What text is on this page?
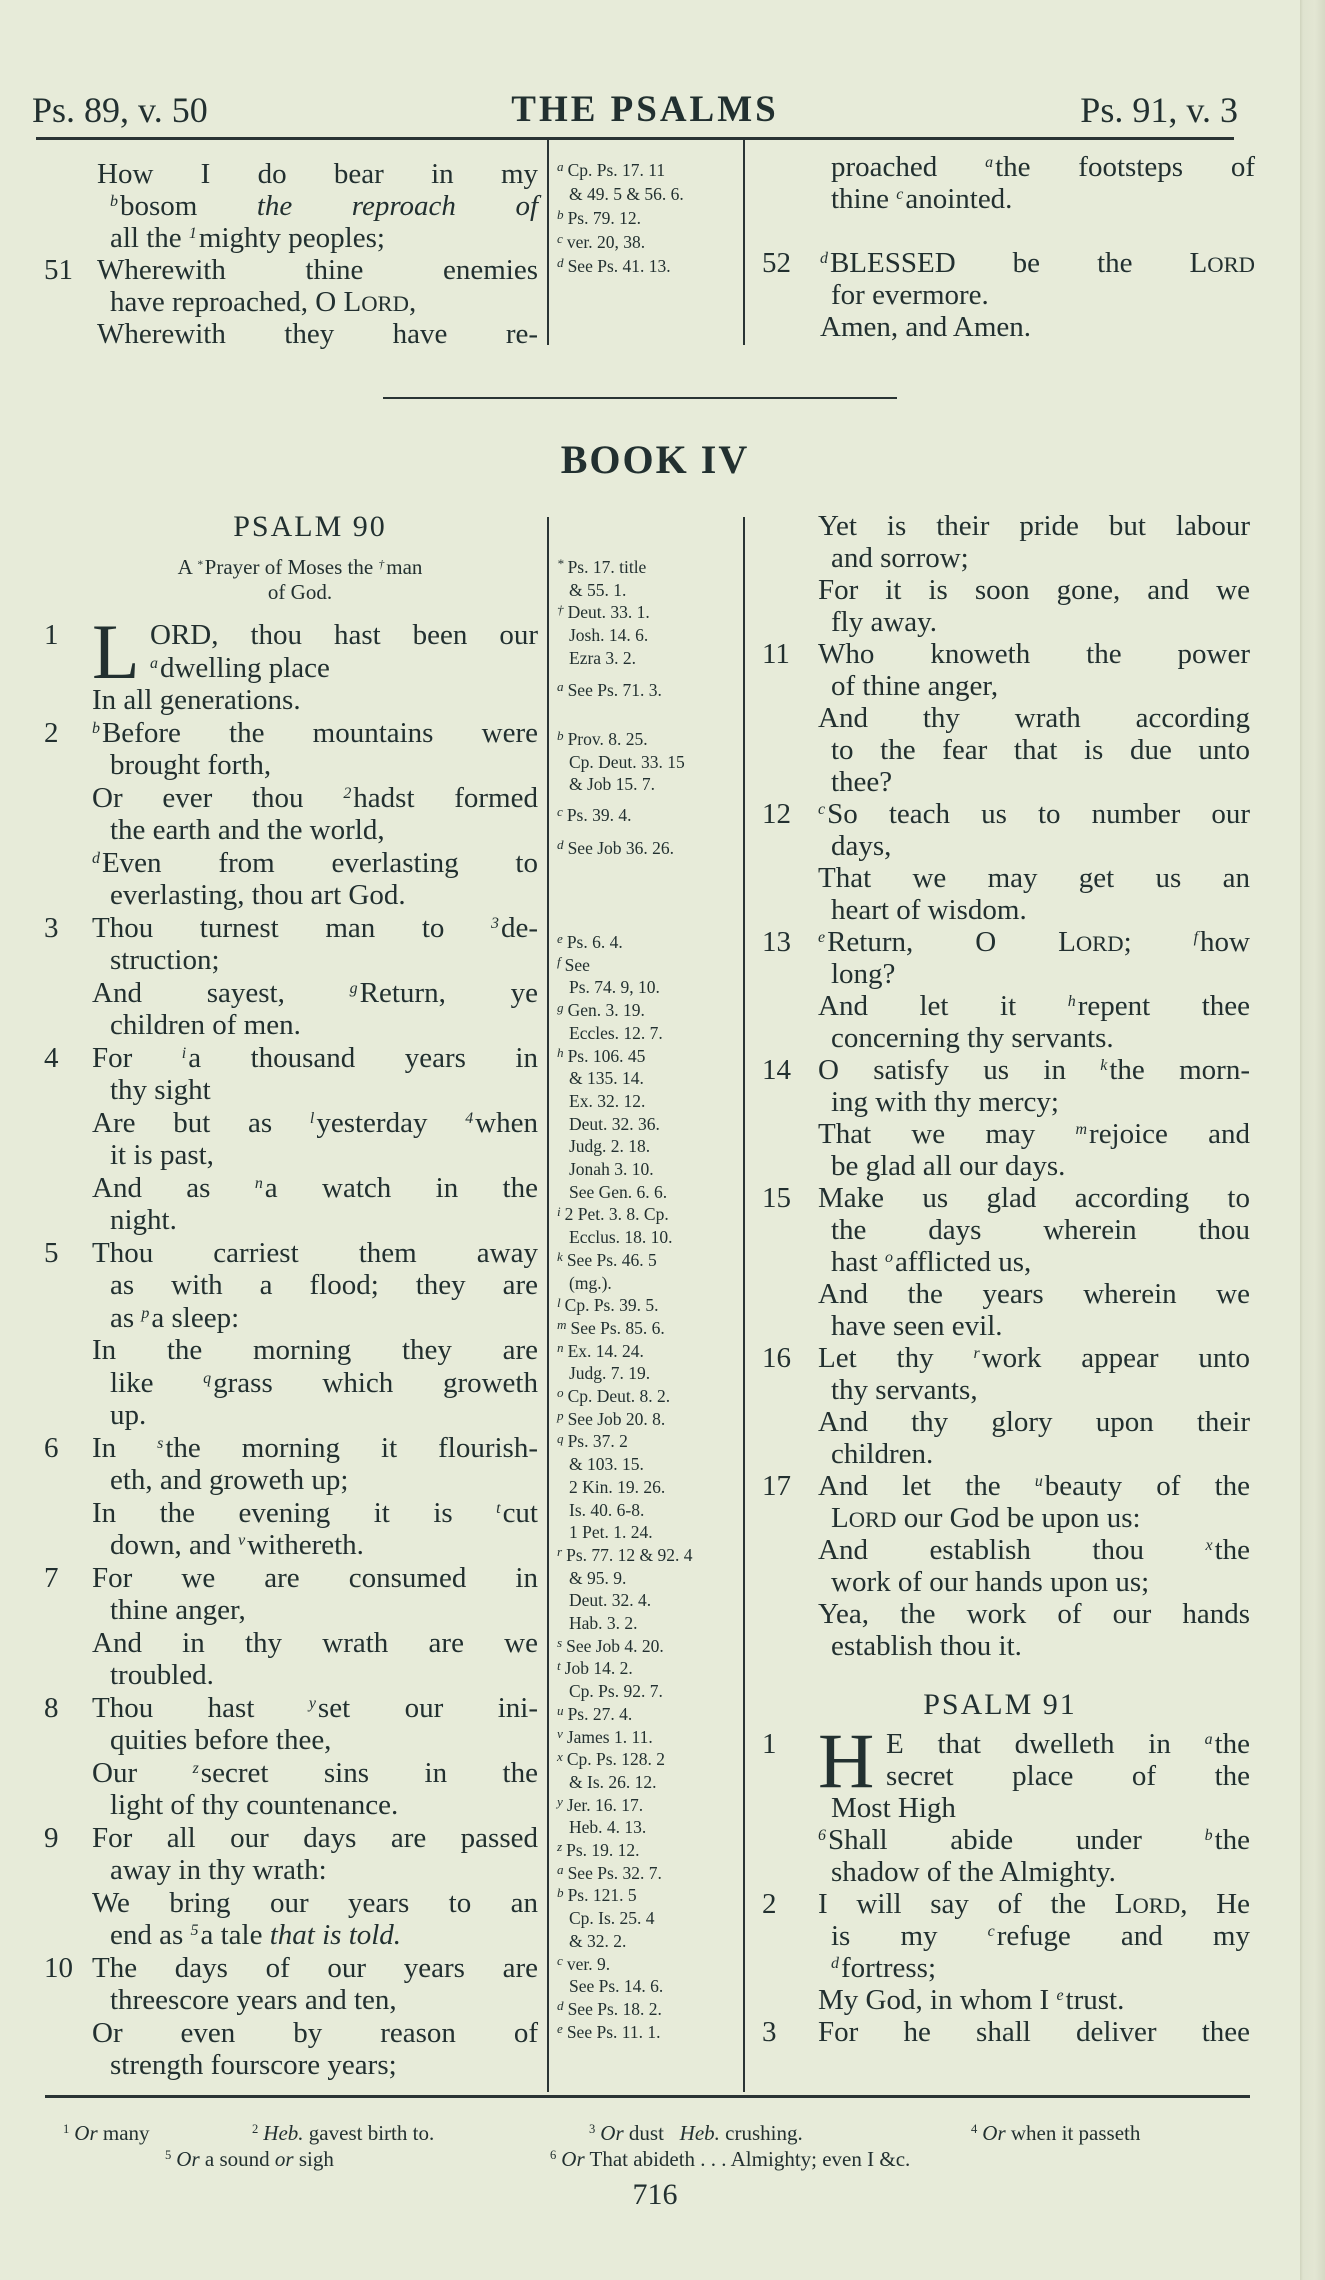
Ps. 89, v. 50	THE PSALMS	Ps. 91, v. 3
How I do bear in my
$^b$bosom the reproach of
all the $^1$mighty peoples;
51 Wherewith thine enemies
have reproached, O LORD,
Wherewith they have re-
$^a$ Cp. Ps. 17. 11
& 49. 5 & 56. 6.
$^b$ Ps. 79. 12.
$^c$ ver. 20, 38.
$^d$ See Ps. 41. 13.
proached $^a$the footsteps of
thine $^c$anointed.
52 $^d$BLESSED be the LORD
for evermore.
Amen, and Amen.
BOOK IV
PSALM 90
A *Prayer of Moses the †man
of God.
1 L ORD, thou hast been our
$^a$dwelling place
In all generations.
2 $^b$Before the mountains were
brought forth,
Or ever thou $^2$hadst formed
the earth and the world,
$^d$Even from everlasting to
everlasting, thou art God.
3 Thou turnest man to $^3$de-
struction;
And sayest, $^g$Return, ye
children of men.
4 For $^i$a thousand years in
thy sight
Are but as $^l$yesterday $^4$when
it is past,
And as $^n$a watch in the
night.
5 Thou carriest them away
as with a flood; they are
as $^p$a sleep:
In the morning they are
like $^q$grass which groweth
up.
6 In $^s$the morning it flourish-
eth, and groweth up;
In the evening it is $^t$cut
down, and $^v$withereth.
7 For we are consumed in
thine anger,
And in thy wrath are we
troubled.
8 Thou hast $^y$set our ini-
quities before thee,
Our $^z$secret sins in the
light of thy countenance.
9 For all our days are passed
away in thy wrath:
We bring our years to an
end as $^5$a tale that is told.
10 The days of our years are
threescore years and ten,
Or even by reason of
strength fourscore years;
* Ps. 17. title
& 55. 1.
† Deut. 33. 1.
Josh. 14. 6.
Ezra 3. 2.
$^a$ See Ps. 71. 3.
$^b$ Prov. 8. 25.
Cp. Deut. 33. 15
& Job 15. 7.
$^c$ Ps. 39. 4.
$^d$ See Job 36. 26.
$^e$ Ps. 6. 4.
$^f$ See
Ps. 74. 9, 10.
$^g$ Gen. 3. 19.
Eccles. 12. 7.
$^h$ Ps. 106. 45
& 135. 14.
Ex. 32. 12.
Deut. 32. 36.
Judg. 2. 18.
Jonah 3. 10.
See Gen. 6. 6.
$^i$ 2 Pet. 3. 8. Cp.
Ecclus. 18. 10.
$^k$ See Ps. 46. 5
(mg.).
$^l$ Cp. Ps. 39. 5.
$^m$ See Ps. 85. 6.
$^n$ Ex. 14. 24.
Judg. 7. 19.
$^o$ Cp. Deut. 8. 2.
$^p$ See Job 20. 8.
$^q$ Ps. 37. 2
& 103. 15.
2 Kin. 19. 26.
Is. 40. 6-8.
1 Pet. 1. 24.
$^r$ Ps. 77. 12 & 92. 4
& 95. 9.
Deut. 32. 4.
Hab. 3. 2.
$^s$ See Job 4. 20.
$^t$ Job 14. 2.
Cp. Ps. 92. 7.
$^u$ Ps. 27. 4.
$^v$ James 1. 11.
$^x$ Cp. Ps. 128. 2
& Is. 26. 12.
$^y$ Jer. 16. 17.
Heb. 4. 13.
$^z$ Ps. 19. 12.
$^a$ See Ps. 32. 7.
$^b$ Ps. 121. 5
Cp. Is. 25. 4
& 32. 2.
$^c$ ver. 9.
See Ps. 14. 6.
$^d$ See Ps. 18. 2.
$^e$ See Ps. 11. 1.
Yet is their pride but labour
and sorrow;
For it is soon gone, and we
fly away.
11 Who knoweth the power
of thine anger,
And thy wrath according
to the fear that is due unto
thee?
12 $^c$So teach us to number our
days,
That we may get us an
heart of wisdom.
13 $^e$Return, O LORD; $^f$how
long?
And let it $^h$repent thee
concerning thy servants.
14 O satisfy us in $^k$the morn-
ing with thy mercy;
That we may $^m$rejoice and
be glad all our days.
15 Make us glad according to
the days wherein thou
hast $^o$afflicted us,
And the years wherein we
have seen evil.
16 Let thy $^r$work appear unto
thy servants,
And thy glory upon their
children.
17 And let the $^u$beauty of the
LORD our God be upon us:
And establish thou $^x$the
work of our hands upon us;
Yea, the work of our hands
establish thou it.
PSALM 91
1 H E that dwelleth in $^a$the
secret place of the
Most High
$^6$Shall abide under $^b$the
shadow of the Almighty.
2 I will say of the LORD, He
is my $^c$refuge and my
$^d$fortress;
My God, in whom I $^e$trust.
3 For he shall deliver thee
$^1$ Or many	$^2$ Heb. gavest birth to.	$^3$ Or dust   Heb. crushing.	$^4$ Or when it passeth
$^5$ Or a sound or sigh	$^6$ Or That abideth . . . Almighty; even I &c.
716
